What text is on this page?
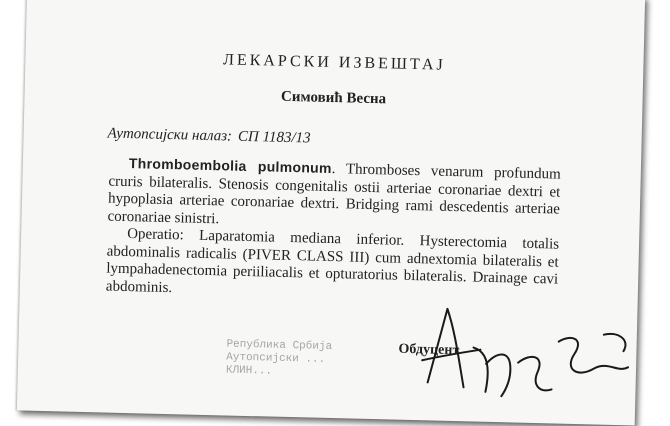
ЛЕКАРСКИ ИЗВЕШТАЈ
Симовић Весна
Аутопсијски налаз: СП 1183/13

Thromboembolia pulmonum. Thromboses venarum profundum cruris bilateralis. Stenosis congenitalis ostii arteriae coronariae dextri et hypoplasia arteriae coronariae dextri. Bridging rami descedentis arteriae coronariae sinistri.

Operatio: Laparatomia mediana inferior. Hysterectomia totalis abdominalis radicalis (PIVER CLASS III) cum adnextomia bilateralis et lympahadenectomia periiliacalis et opturatorius bilateralis. Drainage cavi abdominis.

Република Србија
Аутопсијски ...
КЛИН...
Обдуцент
